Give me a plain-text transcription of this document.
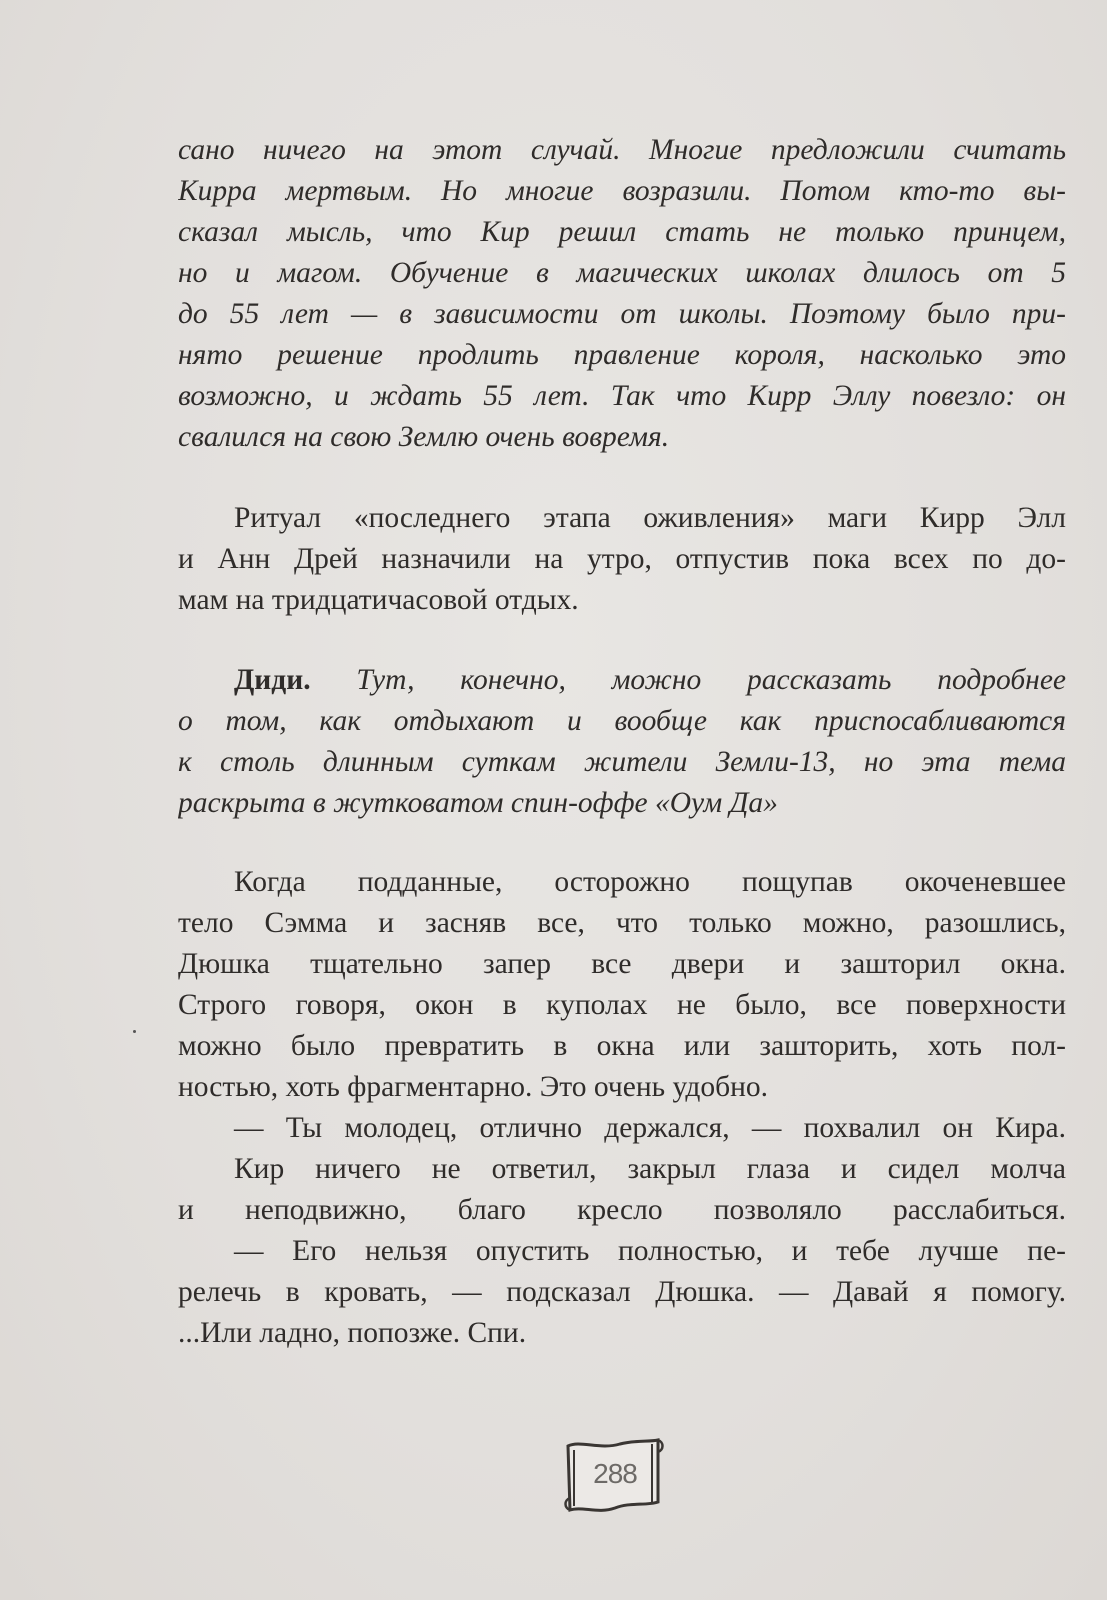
сано ничего на этот случай. Многие предложили считать
Кирра мертвым. Но многие возразили. Потом кто-то вы-
сказал мысль, что Кир решил стать не только принцем,
но и магом. Обучение в магических школах длилось от 5
до 55 лет — в зависимости от школы. Поэтому было при-
нято решение продлить правление короля, насколько это
возможно, и ждать 55 лет. Так что Кирр Эллу повезло: он
свалился на свою Землю очень вовремя.
Ритуал «последнего этапа оживления» маги Кирр Элл
и Анн Дрей назначили на утро, отпустив пока всех по до-
мам на тридцатичасовой отдых.
Диди. Тут, конечно, можно рассказать подробнее
о том, как отдыхают и вообще как приспосабливаются
к столь длинным суткам жители Земли-13, но эта тема
раскрыта в жутковатом спин-оффе «Оум Да»
Когда подданные, осторожно пощупав окоченевшее
тело Сэмма и засняв все, что только можно, разошлись,
Дюшка тщательно запер все двери и зашторил окна.
Строго говоря, окон в куполах не было, все поверхности
можно было превратить в окна или зашторить, хоть пол-
ностью, хоть фрагментарно. Это очень удобно.
— Ты молодец, отлично держался, — похвалил он Кира.
Кир ничего не ответил, закрыл глаза и сидел молча
и неподвижно, благо кресло позволяло расслабиться.
— Его нельзя опустить полностью, и тебе лучше пе-
релечь в кровать, — подсказал Дюшка. — Давай я помогу.
...Или ладно, попозже. Спи.
288
